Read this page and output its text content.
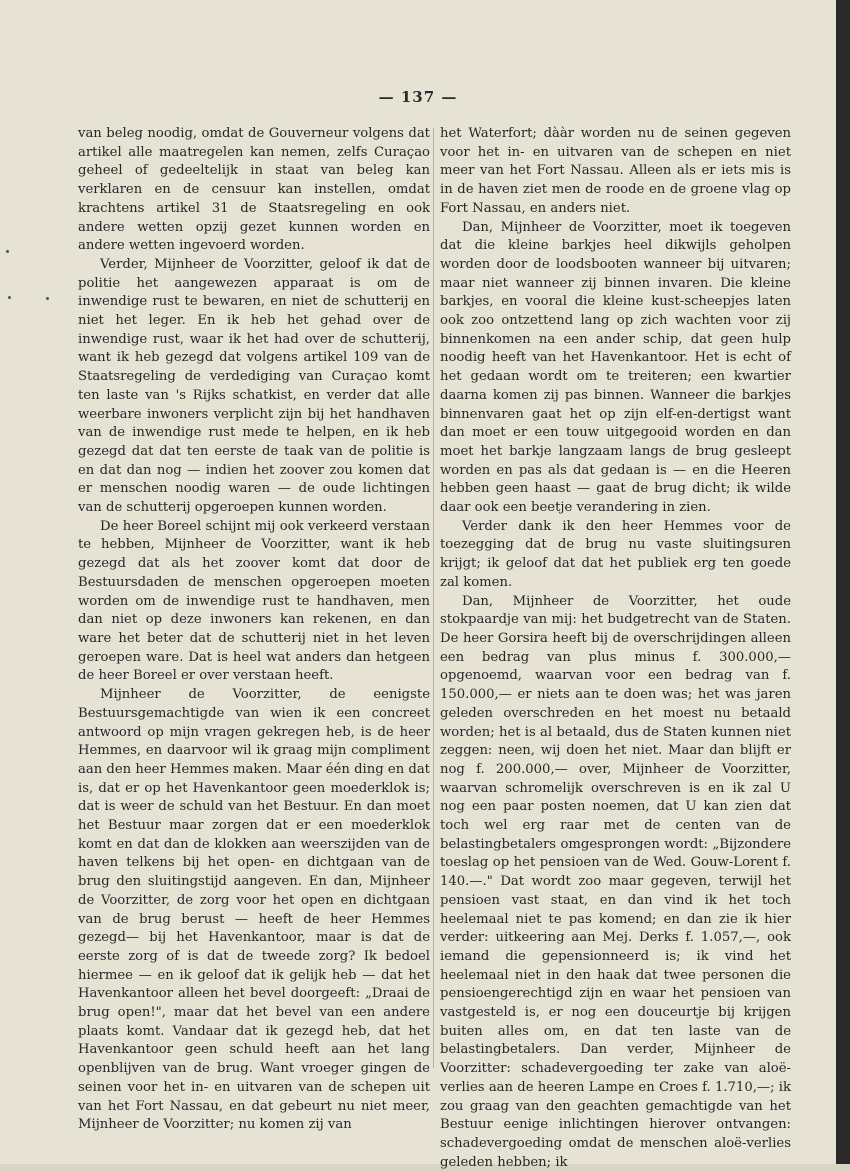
— 137 —

van beleg noodig, omdat de Gouverneur volgens dat artikel alle maatregelen kan nemen, zelfs Curaçao geheel of gedeeltelijk in staat van beleg kan verklaren en de censuur kan instellen, omdat krachtens artikel 31 de Staatsregeling en ook andere wetten opzij gezet kunnen worden en andere wetten ingevoerd worden.

Verder, Mijnheer de Voorzitter, geloof ik dat de politie het aangewezen apparaat is om de inwendige rust te bewaren, en niet de schutterij en niet het leger. En ik heb het gehad over de inwendige rust, waar ik het had over de schutterij, want ik heb gezegd dat volgens artikel 109 van de Staatsregeling de verdediging van Curaçao komt ten laste van 's Rijks schatkist, en verder dat alle weerbare inwoners verplicht zijn bij het handhaven van de inwendige rust mede te helpen, en ik heb gezegd dat dat ten eerste de taak van de politie is en dat dan nog — indien het zoover zou komen dat er menschen noodig waren — de oude lichtingen van de schutterij opgeroepen kunnen worden.

De heer Boreel schijnt mij ook verkeerd verstaan te hebben, Mijnheer de Voorzitter, want ik heb gezegd dat als het zoover komt dat door de Bestuursdaden de menschen opgeroepen moeten worden om de inwendige rust te handhaven, men dan niet op deze inwoners kan rekenen, en dan ware het beter dat de schutterij niet in het leven geroepen ware. Dat is heel wat anders dan hetgeen de heer Boreel er over verstaan heeft.

Mijnheer de Voorzitter, de eenigste Bestuursgemachtigde van wien ik een concreet antwoord op mijn vragen gekregen heb, is de heer Hemmes, en daarvoor wil ik graag mijn compliment aan den heer Hemmes maken. Maar één ding en dat is, dat er op het Havenkantoor geen moederklok is; dat is weer de schuld van het Bestuur. En dan moet het Bestuur maar zorgen dat er een moederklok komt en dat dan de klokken aan weerszijden van de haven telkens bij het open- en dichtgaan van de brug den sluitingstijd aangeven. En dan, Mijnheer de Voorzitter, de zorg voor het open en dichtgaan van de brug berust — heeft de heer Hemmes gezegd— bij het Havenkantoor, maar is dat de eerste zorg of is dat de tweede zorg? Ik bedoel hiermee — en ik geloof dat ik gelijk heb — dat het Havenkantoor alleen het bevel doorgeeft: „Draai de brug open!", maar dat het bevel van een andere plaats komt. Vandaar dat ik gezegd heb, dat het Havenkantoor geen schuld heeft aan het lang openblijven van de brug. Want vroeger gingen de seinen voor het in- en uitvaren van de schepen uit van het Fort Nassau, en dat gebeurt nu niet meer, Mijnheer de Voorzitter; nu komen zij van

het Waterfort; dààr worden nu de seinen gegeven voor het in- en uitvaren van de schepen en niet meer van het Fort Nassau. Alleen als er iets mis is in de haven ziet men de roode en de groene vlag op Fort Nassau, en anders niet.

Dan, Mijnheer de Voorzitter, moet ik toegeven dat die kleine barkjes heel dikwijls geholpen worden door de loodsbooten wanneer bij uitvaren; maar niet wanneer zij binnen invaren. Die kleine barkjes, en vooral die kleine kust-scheepjes laten ook zoo ontzettend lang op zich wachten voor zij binnenkomen na een ander schip, dat geen hulp noodig heeft van het Havenkantoor. Het is echt of het gedaan wordt om te treiteren; een kwartier daarna komen zij pas binnen. Wanneer die barkjes binnenvaren gaat het op zijn elf-en-dertigst want dan moet er een touw uitgegooid worden en dan moet het barkje langzaam langs de brug gesleept worden en pas als dat gedaan is — en die Heeren hebben geen haast — gaat de brug dicht; ik wilde daar ook een beetje verandering in zien.

Verder dank ik den heer Hemmes voor de toezegging dat de brug nu vaste sluitingsuren krijgt; ik geloof dat dat het publiek erg ten goede zal komen.

Dan, Mijnheer de Voorzitter, het oude stokpaardje van mij: het budgetrecht van de Staten. De heer Gorsira heeft bij de overschrijdingen alleen een bedrag van plus minus f. 300.000,— opgenoemd, waarvan voor een bedrag van f. 150.000,— er niets aan te doen was; het was jaren geleden overschreden en het moest nu betaald worden; het is al betaald, dus de Staten kunnen niet zeggen: neen, wij doen het niet. Maar dan blijft er nog f. 200.000,— over, Mijnheer de Voorzitter, waarvan schromelijk overschreven is en ik zal U nog een paar posten noemen, dat U kan zien dat toch wel erg raar met de centen van de belastingbetalers omgesprongen wordt: „Bijzondere toeslag op het pensioen van de Wed. Gouw-Lorent f. 140.—." Dat wordt zoo maar gegeven, terwijl het pensioen vast staat, en dan vind ik het toch heelemaal niet te pas komend; en dan zie ik hier verder: uitkeering aan Mej. Derks f. 1.057,—, ook iemand die gepensionneerd is; ik vind het heelemaal niet in den haak dat twee personen die pensioengerechtigd zijn en waar het pensioen van vastgesteld is, er nog een douceurtje bij krijgen buiten alles om, en dat ten laste van de belastingbetalers. Dan verder, Mijnheer de Voorzitter: schadevergoeding ter zake van aloë-verlies aan de heeren Lampe en Croes f. 1.710,—; ik zou graag van den geachten gemachtigde van het Bestuur eenige inlichtingen hierover ontvangen: schadevergoeding omdat de menschen aloë-verlies geleden hebben; ik
